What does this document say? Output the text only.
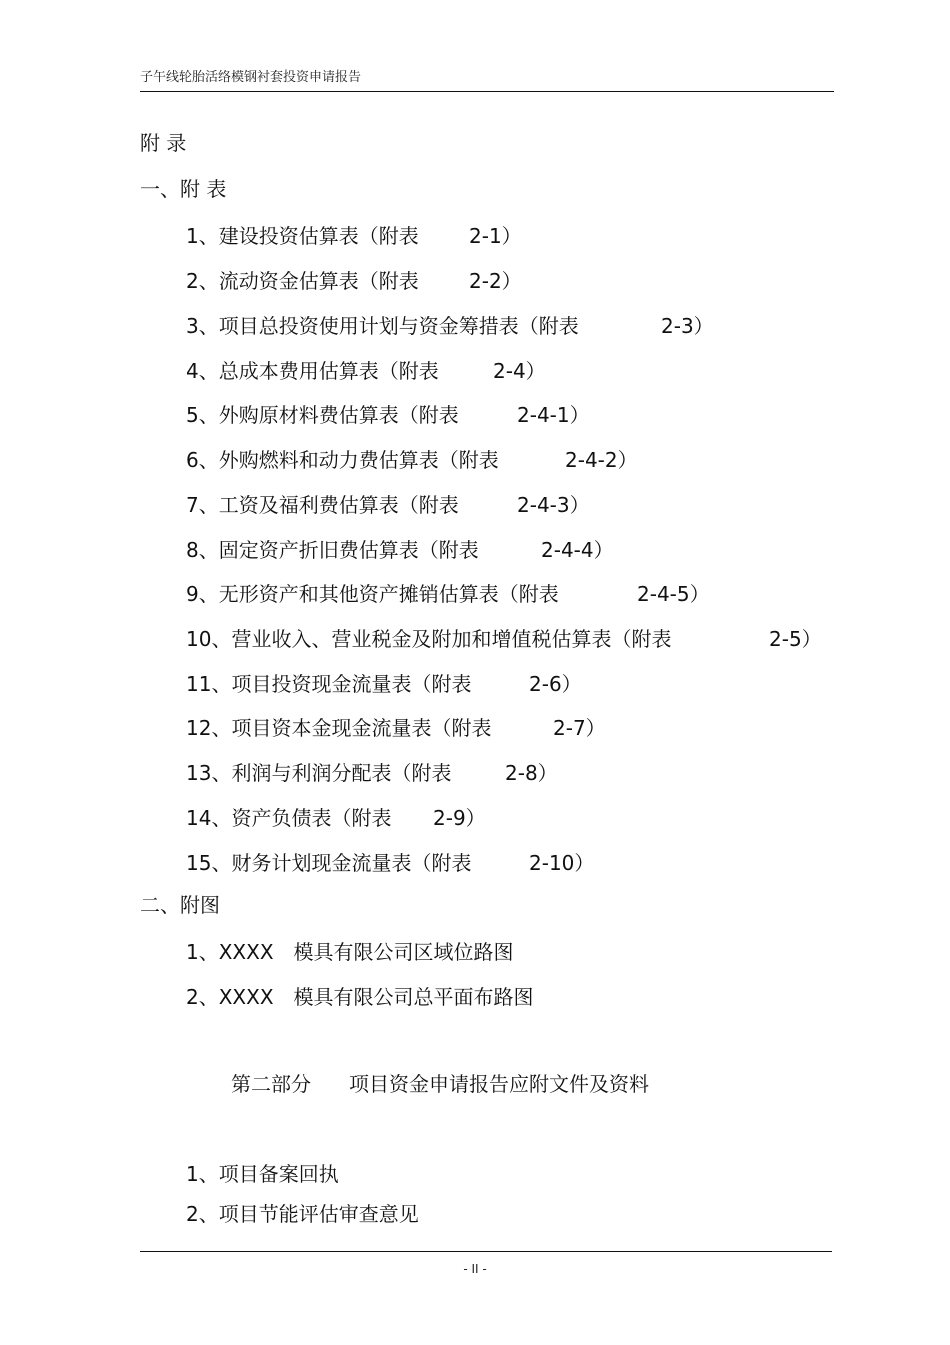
子午线轮胎活络模钢衬套投资申请报告
附 录
一、附 表
1、建设投资估算表（附表	2-1）
2、流动资金估算表（附表	2-2）
3、项目总投资使用计划与资金筹措表（附表	2-3）
4、总成本费用估算表（附表	2-4）
5、外购原材料费估算表（附表	2-4-1）
6、外购燃料和动力费估算表（附表	2-4-2）
7、工资及福利费估算表（附表	2-4-3）
8、固定资产折旧费估算表（附表	2-4-4）
9、无形资产和其他资产摊销估算表（附表	2-4-5）
10、营业收入、营业税金及附加和增值税估算表（附表	2-5）
11、项目投资现金流量表（附表	2-6）
12、项目资本金现金流量表（附表	2-7）
13、利润与利润分配表（附表	2-8）
14、资产负债表（附表 2-9）
15、财务计划现金流量表（附表	2-10）
二、附图
1、XXXX 模具有限公司区域位路图
2、XXXX 模具有限公司总平面布路图
第二部分 项目资金申请报告应附文件及资料
1、项目备案回执
2、项目节能评估审查意见
- II -
